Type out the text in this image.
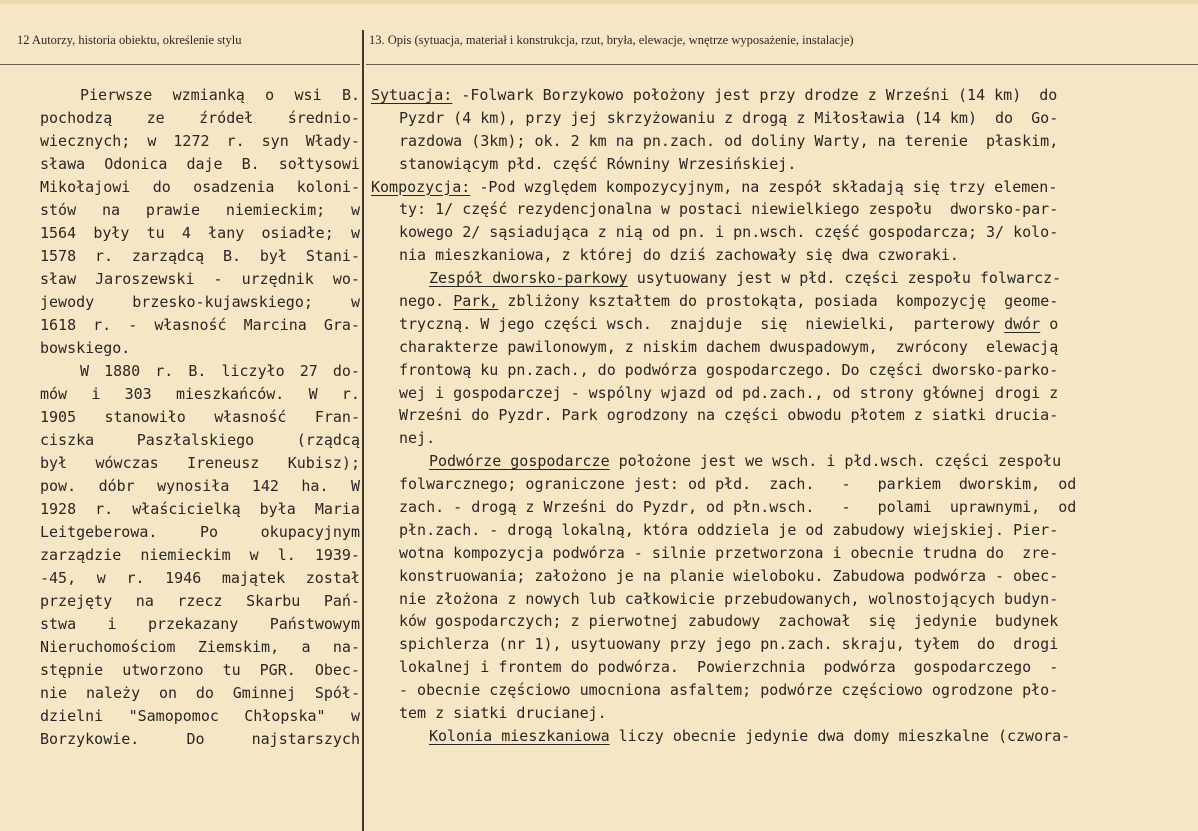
12 Autorzy, historia obiektu, określenie stylu	13. Opis (sytuacja, materiał i konstrukcja, rzut, bryła, elewacje, wnętrze wyposażenie, instalacje)
Pierwsze wzmianką o wsi B.
pochodzą ze źródeł średnio-
wiecznych; w 1272 r. syn Włady-
sława Odonica daje B. sołtysowi
Mikołajowi do osadzenia koloni-
stów na prawie niemieckim; w
1564 były tu 4 łany osiadłe; w
1578 r. zarządcą B. był Stani-
sław Jaroszewski - urzędnik wo-
jewody	brzesko-kujawskiego;	w
1618 r. - własność Marcina Gra-
bowskiego.
W 1880 r. B. liczyło 27 do-
mów i 303 mieszkańców. W r.
1905 stanowiło własność Fran-
ciszka	Paszłalskiego	(rządcą
był wówczas Ireneusz Kubisz);
pow. dóbr wynosiła 142 ha. W
1928 r. właścicielką była Maria
Leitgeberowa.	Po	okupacyjnym
zarządzie niemieckim w l. 1939-
-45, w r. 1946 majątek został
przejęty na rzecz Skarbu Pań-
stwa i przekazany Państwowym
Nieruchomościom Ziemskim, a na-
stępnie utworzono tu PGR. Obec-
nie należy on do Gminnej Spół-
dzielni "Samopomoc Chłopska" w
Borzykowie.	Do	najstarszych
Sytuacja: -Folwark Borzykowo położony jest przy drodze z Wrześni (14 km)  do
Pyzdr (4 km), przy jej skrzyżowaniu z drogą z Miłosławia (14 km)  do  Go-
razdowa (3km); ok. 2 km na pn.zach. od doliny Warty, na terenie  płaskim,
stanowiącym płd. część Równiny Wrzesińskiej.
Kompozycja: -Pod względem kompozycyjnym, na zespół składają się trzy elemen-
ty: 1/ część rezydencjonalna w postaci niewielkiego zespołu  dworsko-par-
kowego 2/ sąsiadująca z nią od pn. i pn.wsch. część gospodarcza; 3/ kolo-
nia mieszkaniowa, z której do dziś zachowały się dwa czworaki.
Zespół dworsko-parkowy usytuowany jest w płd. części zespołu folwarcz-
nego. Park, zbliżony kształtem do prostokąta, posiada  kompozycję  geome-
tryczną. W jego części wsch.  znajduje  się  niewielki,  parterowy dwór o
charakterze pawilonowym, z niskim dachem dwuspadowym,  zwrócony  elewacją
frontową ku pn.zach., do podwórza gospodarczego. Do części dworsko-parko-
wej i gospodarczej - wspólny wjazd od pd.zach., od strony głównej drogi z
Wrześni do Pyzdr. Park ogrodzony na części obwodu płotem z siatki drucia-
nej.
Podwórze gospodarcze położone jest we wsch. i płd.wsch. części zespołu
folwarcznego; ograniczone jest: od płd.  zach.   -   parkiem  dworskim,  od
zach. - drogą z Wrześni do Pyzdr, od płn.wsch.   -   polami  uprawnymi,  od
płn.zach. - drogą lokalną, która oddziela je od zabudowy wiejskiej. Pier-
wotna kompozycja podwórza - silnie przetworzona i obecnie trudna do  zre-
konstruowania; założono je na planie wieloboku. Zabudowa podwórza - obec-
nie złożona z nowych lub całkowicie przebudowanych, wolnostojących budyn-
ków gospodarczych; z pierwotnej zabudowy  zachował  się  jedynie  budynek
spichlerza (nr 1), usytuowany przy jego pn.zach. skraju, tyłem  do  drogi
lokalnej i frontem do podwórza.  Powierzchnia  podwórza  gospodarczego  -
- obecnie częściowo umocniona asfaltem; podwórze częściowo ogrodzone pło-
tem z siatki drucianej.
Kolonia mieszkaniowa liczy obecnie jedynie dwa domy mieszkalne (czwora-
